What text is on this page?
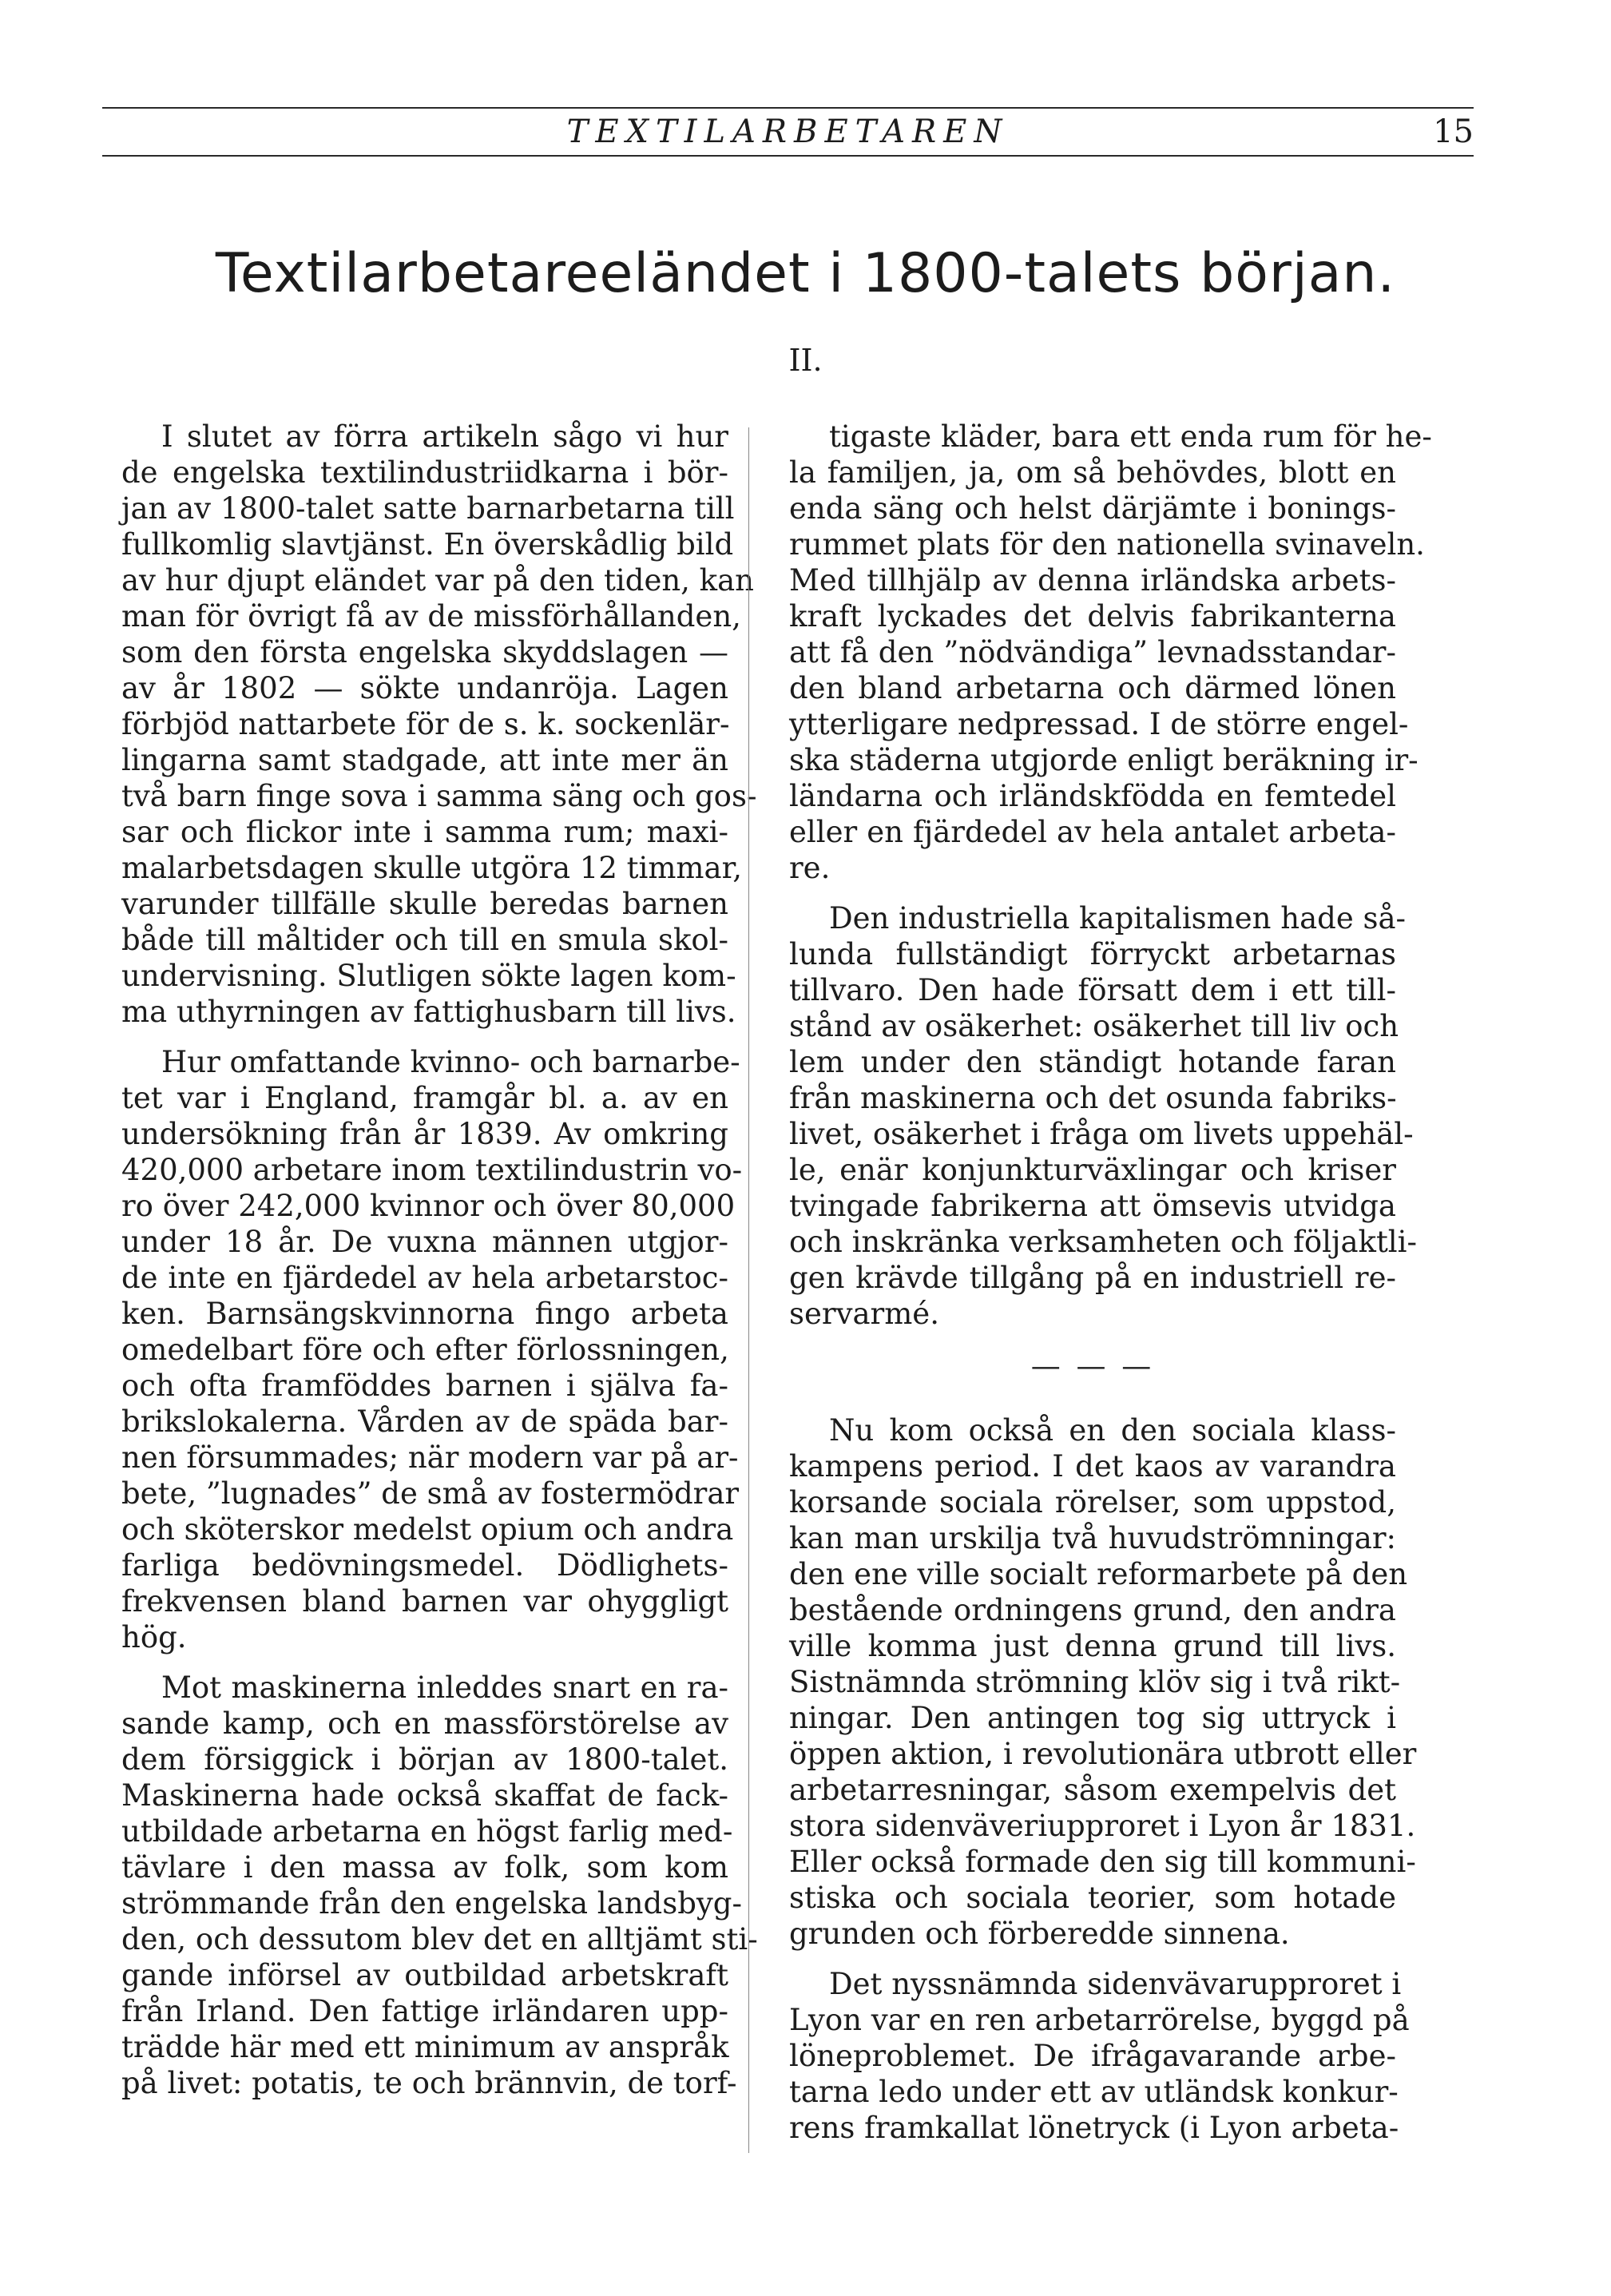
TEXTILARBETAREN	15
Textilarbetareeländet i 1800-talets början.
II.
I slutet av förra artikeln sågo vi hur
de engelska textilindustriidkarna i bör-
jan av 1800-talet satte barnarbetarna till
fullkomlig slavtjänst. En överskådlig bild
av hur djupt eländet var på den tiden, kan
man för övrigt få av de missförhållanden,
som den första engelska skyddslagen —
av år 1802 — sökte undanröja. Lagen
förbjöd nattarbete för de s. k. sockenlär-
lingarna samt stadgade, att inte mer än
två barn finge sova i samma säng och gos-
sar och flickor inte i samma rum; maxi-
malarbetsdagen skulle utgöra 12 timmar,
varunder tillfälle skulle beredas barnen
både till måltider och till en smula skol-
undervisning. Slutligen sökte lagen kom-
ma uthyrningen av fattighusbarn till livs.
Hur omfattande kvinno- och barnarbe-
tet var i England, framgår bl. a. av en
undersökning från år 1839. Av omkring
420,000 arbetare inom textilindustrin vo-
ro över 242,000 kvinnor och över 80,000
under 18 år. De vuxna männen utgjor-
de inte en fjärdedel av hela arbetarstoc-
ken. Barnsängskvinnorna fingo arbeta
omedelbart före och efter förlossningen,
och ofta framföddes barnen i själva fa-
brikslokalerna. Vården av de späda bar-
nen försummades; när modern var på ar-
bete, ”lugnades” de små av fostermödrar
och sköterskor medelst opium och andra
farliga bedövningsmedel. Dödlighets-
frekvensen bland barnen var ohyggligt
hög.
Mot maskinerna inleddes snart en ra-
sande kamp, och en massförstörelse av
dem försiggick i början av 1800-talet.
Maskinerna hade också skaffat de fack-
utbildade arbetarna en högst farlig med-
tävlare i den massa av folk, som kom
strömmande från den engelska landsbyg-
den, och dessutom blev det en alltjämt sti-
gande införsel av outbildad arbetskraft
från Irland. Den fattige irländaren upp-
trädde här med ett minimum av anspråk
på livet: potatis, te och brännvin, de torf-
tigaste kläder, bara ett enda rum för he-
la familjen, ja, om så behövdes, blott en
enda säng och helst därjämte i bonings-
rummet plats för den nationella svinaveln.
Med tillhjälp av denna irländska arbets-
kraft lyckades det delvis fabrikanterna
att få den ”nödvändiga” levnadsstandar-
den bland arbetarna och därmed lönen
ytterligare nedpressad. I de större engel-
ska städerna utgjorde enligt beräkning ir-
ländarna och irländskfödda en femtedel
eller en fjärdedel av hela antalet arbeta-
re.
Den industriella kapitalismen hade så-
lunda fullständigt förryckt arbetarnas
tillvaro. Den hade försatt dem i ett till-
stånd av osäkerhet: osäkerhet till liv och
lem under den ständigt hotande faran
från maskinerna och det osunda fabriks-
livet, osäkerhet i fråga om livets uppehäl-
le, enär konjunkturväxlingar och kriser
tvingade fabrikerna att ömsevis utvidga
och inskränka verksamheten och följaktli-
gen krävde tillgång på en industriell re-
servarmé.
— — —
Nu kom också en den sociala klass-
kampens period. I det kaos av varandra
korsande sociala rörelser, som uppstod,
kan man urskilja två huvudströmningar:
den ene ville socialt reformarbete på den
bestående ordningens grund, den andra
ville komma just denna grund till livs.
Sistnämnda strömning klöv sig i två rikt-
ningar. Den antingen tog sig uttryck i
öppen aktion, i revolutionära utbrott eller
arbetarresningar, såsom exempelvis det
stora sidenväveriupproret i Lyon år 1831.
Eller också formade den sig till kommuni-
stiska och sociala teorier, som hotade
grunden och förberedde sinnena.
Det nyssnämnda sidenvävarupproret i
Lyon var en ren arbetarrörelse, byggd på
löneproblemet. De ifrågavarande arbe-
tarna ledo under ett av utländsk konkur-
rens framkallat lönetryck (i Lyon arbeta-
